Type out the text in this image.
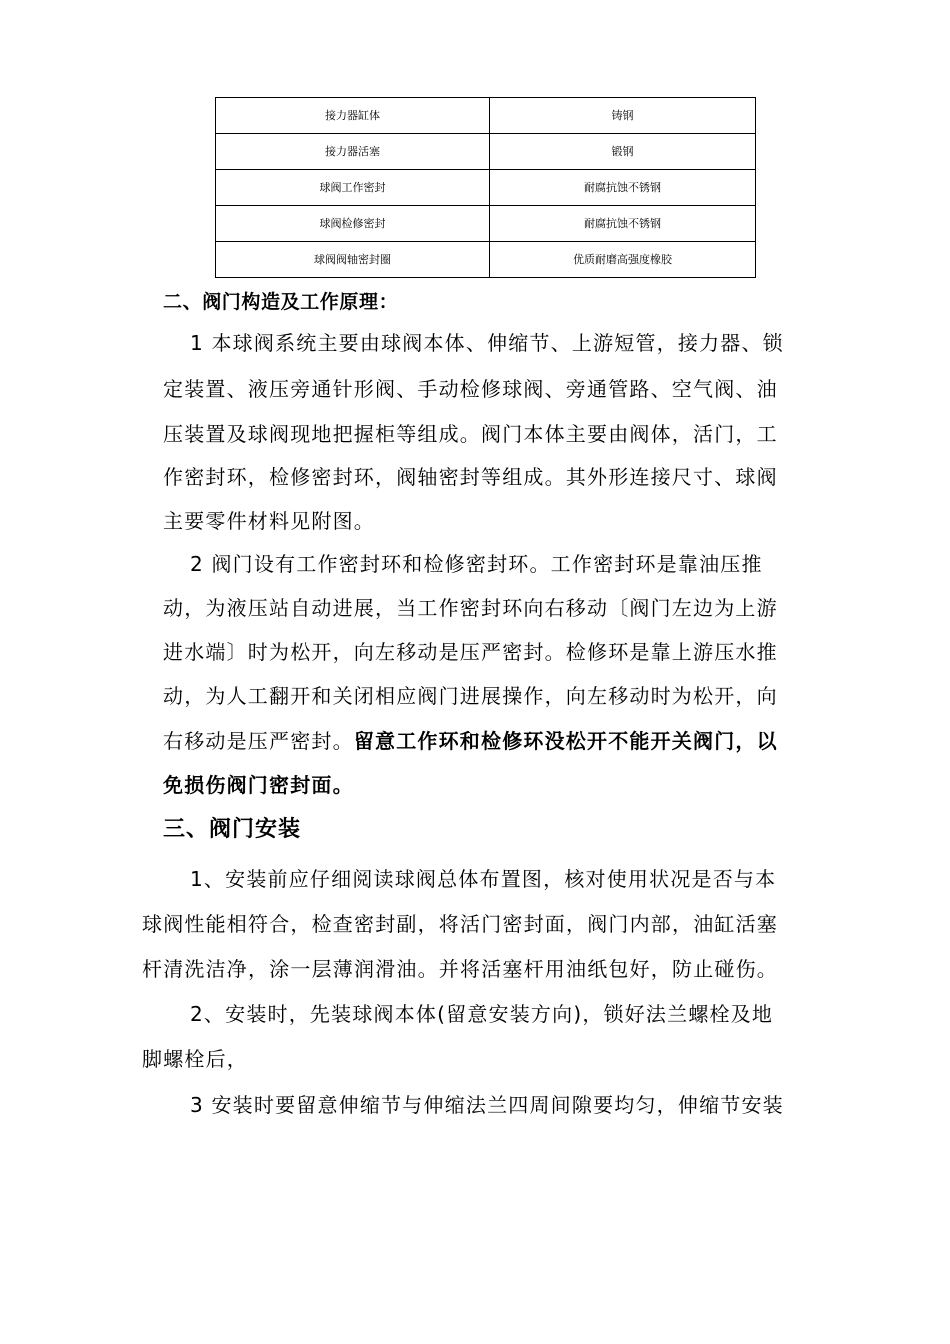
接力器缸体	铸钢
接力器活塞	锻钢
球阀工作密封	耐腐抗蚀不锈钢
球阀检修密封	耐腐抗蚀不锈钢
球阀阀轴密封圈	优质耐磨高强度橡胶
二、阀门构造及工作原理：
1 本球阀系统主要由球阀本体、伸缩节、上游短管，接力器、锁
定装置、液压旁通针形阀、手动检修球阀、旁通管路、空气阀、油
压装置及球阀现地把握柜等组成。阀门本体主要由阀体，活门，工
作密封环，检修密封环，阀轴密封等组成。其外形连接尺寸、球阀
主要零件材料见附图。
2 阀门设有工作密封环和检修密封环。工作密封环是靠油压推
动，为液压站自动进展，当工作密封环向右移动〔阀门左边为上游
进水端〕时为松开，向左移动是压严密封。检修环是靠上游压水推
动，为人工翻开和关闭相应阀门进展操作，向左移动时为松开，向
右移动是压严密封。留意工作环和检修环没松开不能开关阀门，以
免损伤阀门密封面。
三、阀门安装
1、安装前应仔细阅读球阀总体布置图，核对使用状况是否与本
球阀性能相符合，检查密封副，将活门密封面，阀门内部，油缸活塞
杆清洗洁净，涂一层薄润滑油。并将活塞杆用油纸包好，防止碰伤。
2、安装时，先装球阀本体(留意安装方向)，锁好法兰螺栓及地
脚螺栓后，
3 安装时要留意伸缩节与伸缩法兰四周间隙要均匀，伸缩节安装
